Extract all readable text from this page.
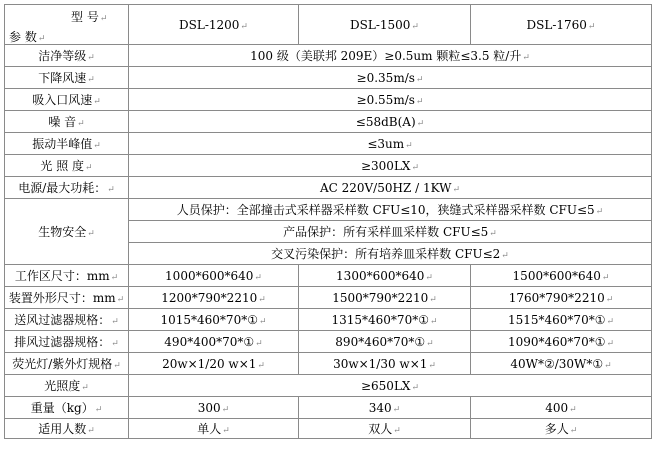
型 号↵
参 数↵	DSL-1200↵	DSL-1500↵	DSL-1760↵
洁净等级↵	100 级（美联邦 209E）≥0.5um 颗粒≤3.5 粒/升↵		
下降风速↵	≥0.35m/s↵		
吸入口风速↵	≥0.55m/s↵		
噪 音↵	≤58dB(A)↵		
振动半峰值↵	≤3um↵		
光 照 度↵	≥300LX↵		
电源/最大功耗：↵	AC 220V/50HZ / 1KW↵		
生物安全↵	人员保护：全部撞击式采样器采样数 CFU≤10，狭缝式采样器采样数 CFU≤5↵		
	产品保护：所有采样皿采样数 CFU≤5↵		
	交叉污染保护：所有培养皿采样数 CFU≤2↵		
工作区尺寸：mm↵	1000*600*640↵	1300*600*640↵	1500*600*640↵
装置外形尺寸：mm↵	1200*790*2210↵	1500*790*2210↵	1760*790*2210↵
送风过滤器规格：↵	1015*460*70*①↵	1315*460*70*①↵	1515*460*70*①↵
排风过滤器规格：↵	490*400*70*①↵	890*460*70*①↵	1090*460*70*①↵
荧光灯/紫外灯规格↵	20w×1/20 w×1↵	30w×1/30 w×1↵	40W*②/30W*①↵
光照度↵	≥650LX↵		
重量（kg）↵	300↵	340↵	400↵
适用人数↵	单人↵	双人↵	多人↵
